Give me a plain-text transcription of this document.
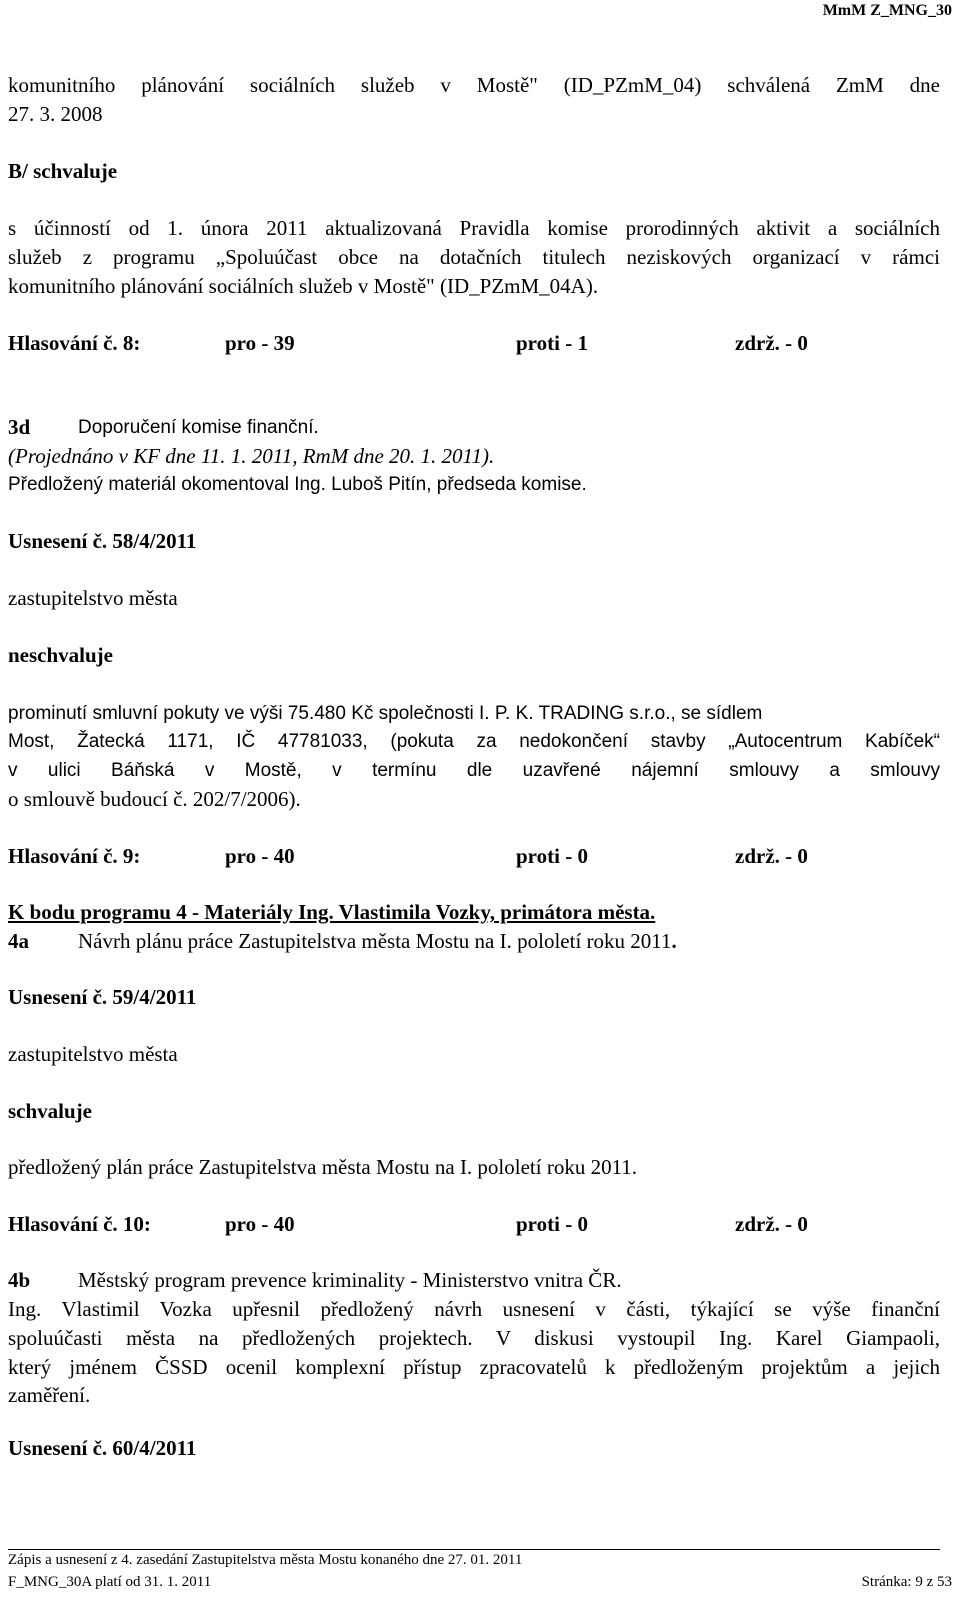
MmM Z_MNG_30
komunitního plánování sociálních služeb v Mostě" (ID_PZmM_04) schválená ZmM dne
27. 3. 2008
B/ schvaluje
s účinností od 1. února 2011 aktualizovaná Pravidla komise prorodinných aktivit a sociálních
služeb z programu „Spoluúčast obce na dotačních titulech neziskových organizací v rámci
komunitního plánování sociálních služeb v Mostě" (ID_PZmM_04A).
Hlasování č. 8:	pro - 39	proti - 1	zdrž. - 0
3d	Doporučení komise finanční.
(Projednáno v KF dne 11. 1. 2011, RmM dne 20. 1. 2011).
Předložený materiál okomentoval Ing. Luboš Pitín, předseda komise.
Usnesení č. 58/4/2011
zastupitelstvo města
neschvaluje
prominutí smluvní pokuty ve výši 75.480 Kč společnosti I. P. K. TRADING s.r.o., se sídlem
Most, Žatecká 1171, IČ 47781033, (pokuta za nedokončení stavby „Autocentrum Kabíček“
v ulici Báňská v Mostě, v termínu dle uzavřené nájemní smlouvy a smlouvy
o smlouvě budoucí č. 202/7/2006).
Hlasování č. 9:	pro - 40	proti - 0	zdrž. - 0
K bodu programu 4 - Materiály Ing. Vlastimila Vozky, primátora města.
4a Návrh plánu práce Zastupitelstva města Mostu na I. pololetí roku 2011.
Usnesení č. 59/4/2011
zastupitelstvo města
schvaluje
předložený plán práce Zastupitelstva města Mostu na I. pololetí roku 2011.
Hlasování č. 10:	pro - 40	proti - 0	zdrž. - 0
4b Městský program prevence kriminality - Ministerstvo vnitra ČR.
Ing. Vlastimil Vozka upřesnil předložený návrh usnesení v části, týkající se výše finanční
spoluúčasti města na předložených projektech. V diskusi vystoupil Ing. Karel Giampaoli,
který jménem ČSSD ocenil komplexní přístup zpracovatelů k předloženým projektům a jejich
zaměření.
Usnesení č. 60/4/2011
Zápis a usnesení z 4. zasedání Zastupitelstva města Mostu konaného dne 27. 01. 2011
F_MNG_30A platí od 31. 1. 2011	Stránka: 9 z 53
